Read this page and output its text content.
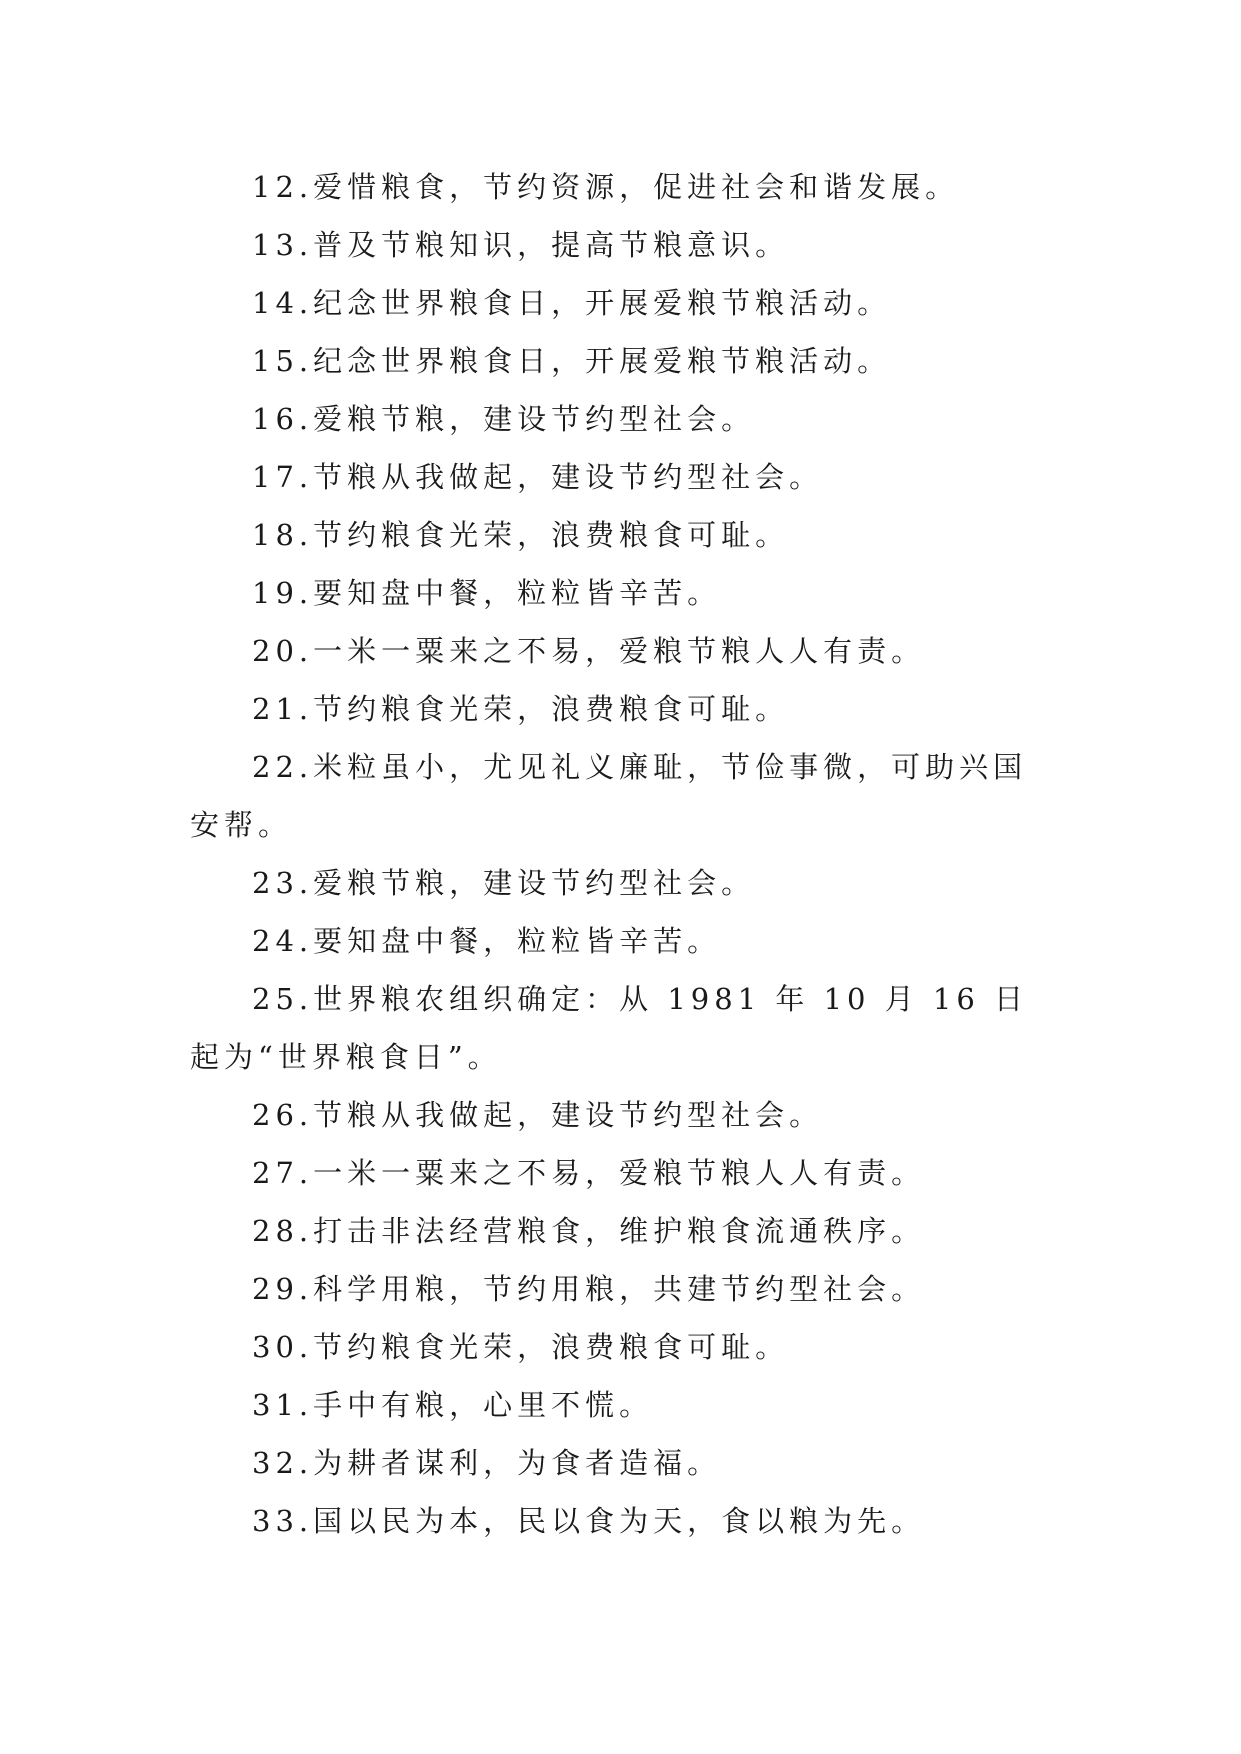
12.爱惜粮食，节约资源，促进社会和谐发展。

13.普及节粮知识，提高节粮意识。

14.纪念世界粮食日，开展爱粮节粮活动。

15.纪念世界粮食日，开展爱粮节粮活动。

16.爱粮节粮，建设节约型社会。

17.节粮从我做起，建设节约型社会。

18.节约粮食光荣，浪费粮食可耻。

19.要知盘中餐，粒粒皆辛苦。

20.一米一粟来之不易，爱粮节粮人人有责。

21.节约粮食光荣，浪费粮食可耻。

22.米粒虽小，尤见礼义廉耻，节俭事微，可助兴国安帮。

23.爱粮节粮，建设节约型社会。

24.要知盘中餐，粒粒皆辛苦。

25.世界粮农组织确定：从 1981 年 10 月 16 日起为“世界粮食日”。

26.节粮从我做起，建设节约型社会。

27.一米一粟来之不易，爱粮节粮人人有责。

28.打击非法经营粮食，维护粮食流通秩序。

29.科学用粮，节约用粮，共建节约型社会。

30.节约粮食光荣，浪费粮食可耻。

31.手中有粮，心里不慌。

32.为耕者谋利，为食者造福。

33.国以民为本，民以食为天，食以粮为先。
